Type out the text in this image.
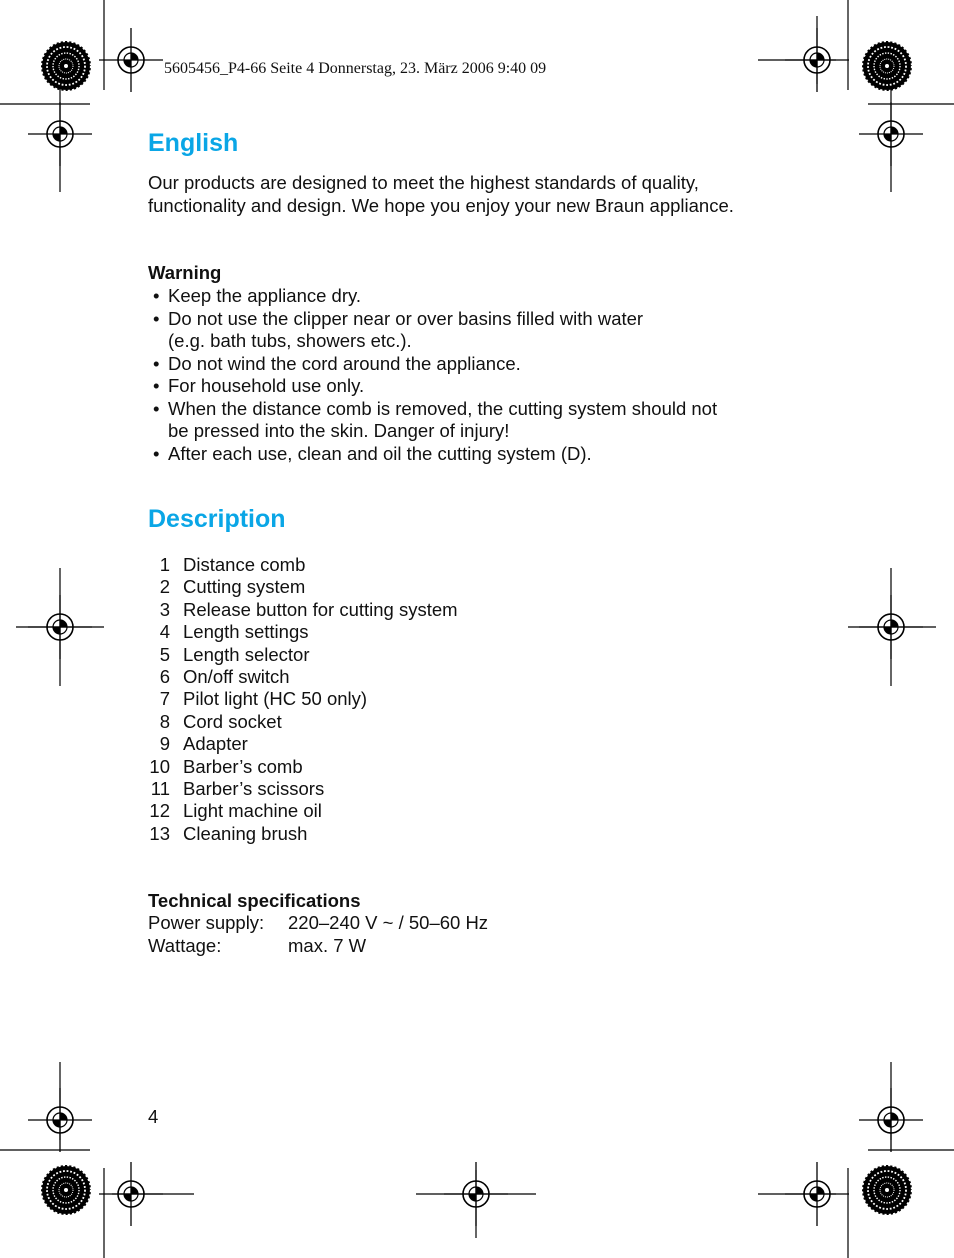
5605456_P4-66 Seite 4 Donnerstag, 23. März 2006 9:40 09
English
Our products are designed to meet the highest standards of quality,
functionality and design. We hope you enjoy your new Braun appliance.
Warning
• Keep the appliance dry.
• Do not use the clipper near or over basins filled with water
(e.g. bath tubs, showers etc.).
• Do not wind the cord around the appliance.
• For household use only.
• When the distance comb is removed, the cutting system should not
be pressed into the skin. Danger of injury!
• After each use, clean and oil the cutting system (D).
Description
1 Distance comb
2 Cutting system
3 Release button for cutting system
4 Length settings
5 Length selector
6 On/off switch
7 Pilot light (HC 50 only)
8 Cord socket
9 Adapter
10 Barber’s comb
11 Barber’s scissors
12 Light machine oil
13 Cleaning brush
Technical specifications
Power supply: 220–240 V ~ / 50–60 Hz
Wattage:	max. 7 W
4
